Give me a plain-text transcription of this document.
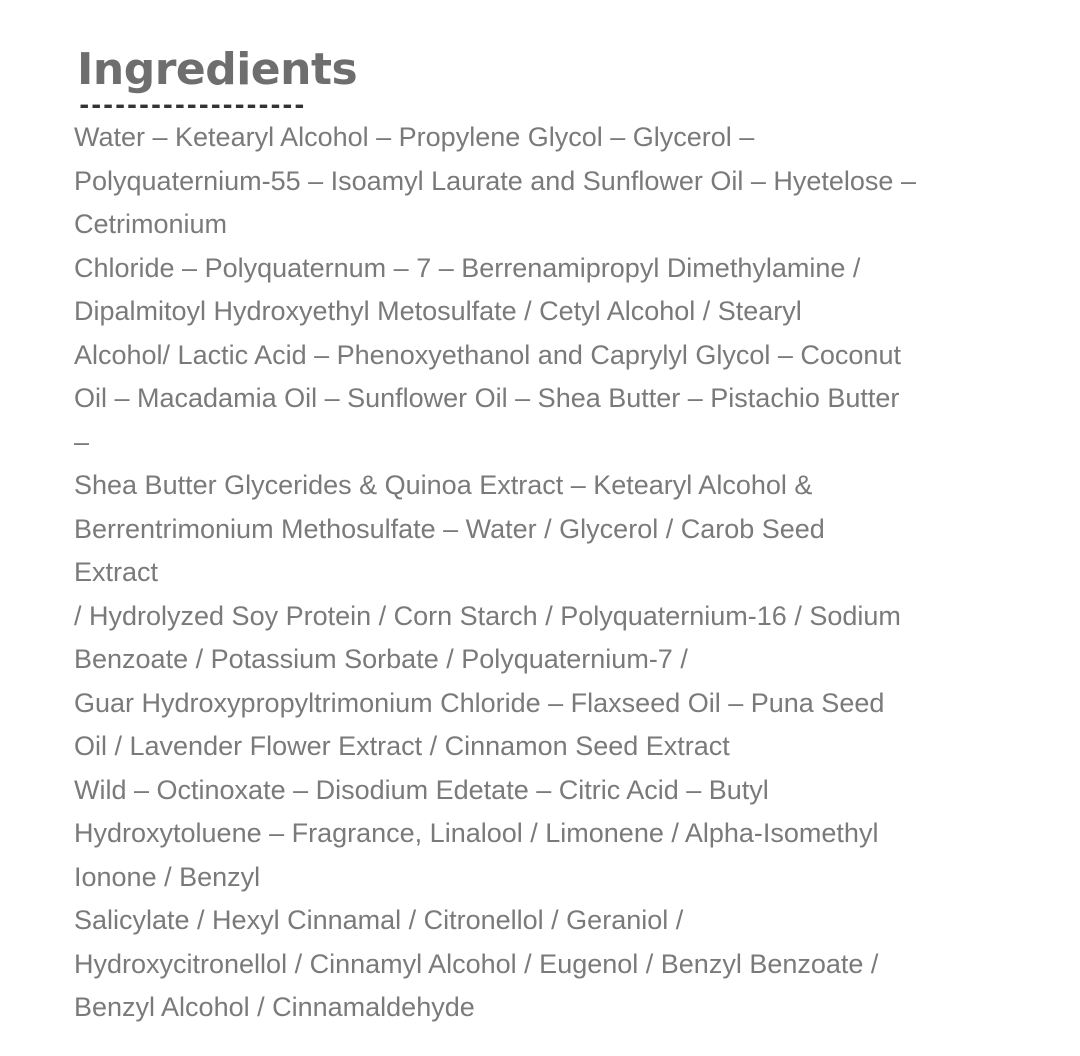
Ingredients
-------------------
Water – Ketearyl Alcohol – Propylene Glycol – Glycerol –
Polyquaternium-55 – Isoamyl Laurate and Sunflower Oil – Hyetelose –
Cetrimonium
Chloride – Polyquaternum – 7 – Berrenamipropyl Dimethylamine /
Dipalmitoyl Hydroxyethyl Metosulfate / Cetyl Alcohol / Stearyl
Alcohol/ Lactic Acid – Phenoxyethanol and Caprylyl Glycol – Coconut
Oil – Macadamia Oil – Sunflower Oil – Shea Butter – Pistachio Butter
–
Shea Butter Glycerides & Quinoa Extract – Ketearyl Alcohol &
Berrentrimonium Methosulfate – Water / Glycerol / Carob Seed
Extract
/ Hydrolyzed Soy Protein / Corn Starch / Polyquaternium-16 / Sodium
Benzoate / Potassium Sorbate / Polyquaternium-7 /
Guar Hydroxypropyltrimonium Chloride – Flaxseed Oil – Puna Seed
Oil / Lavender Flower Extract / Cinnamon Seed Extract
Wild – Octinoxate – Disodium Edetate – Citric Acid – Butyl
Hydroxytoluene – Fragrance, Linalool / Limonene / Alpha-Isomethyl
Ionone / Benzyl
Salicylate / Hexyl Cinnamal / Citronellol / Geraniol /
Hydroxycitronellol / Cinnamyl Alcohol / Eugenol / Benzyl Benzoate /
Benzyl Alcohol / Cinnamaldehyde
